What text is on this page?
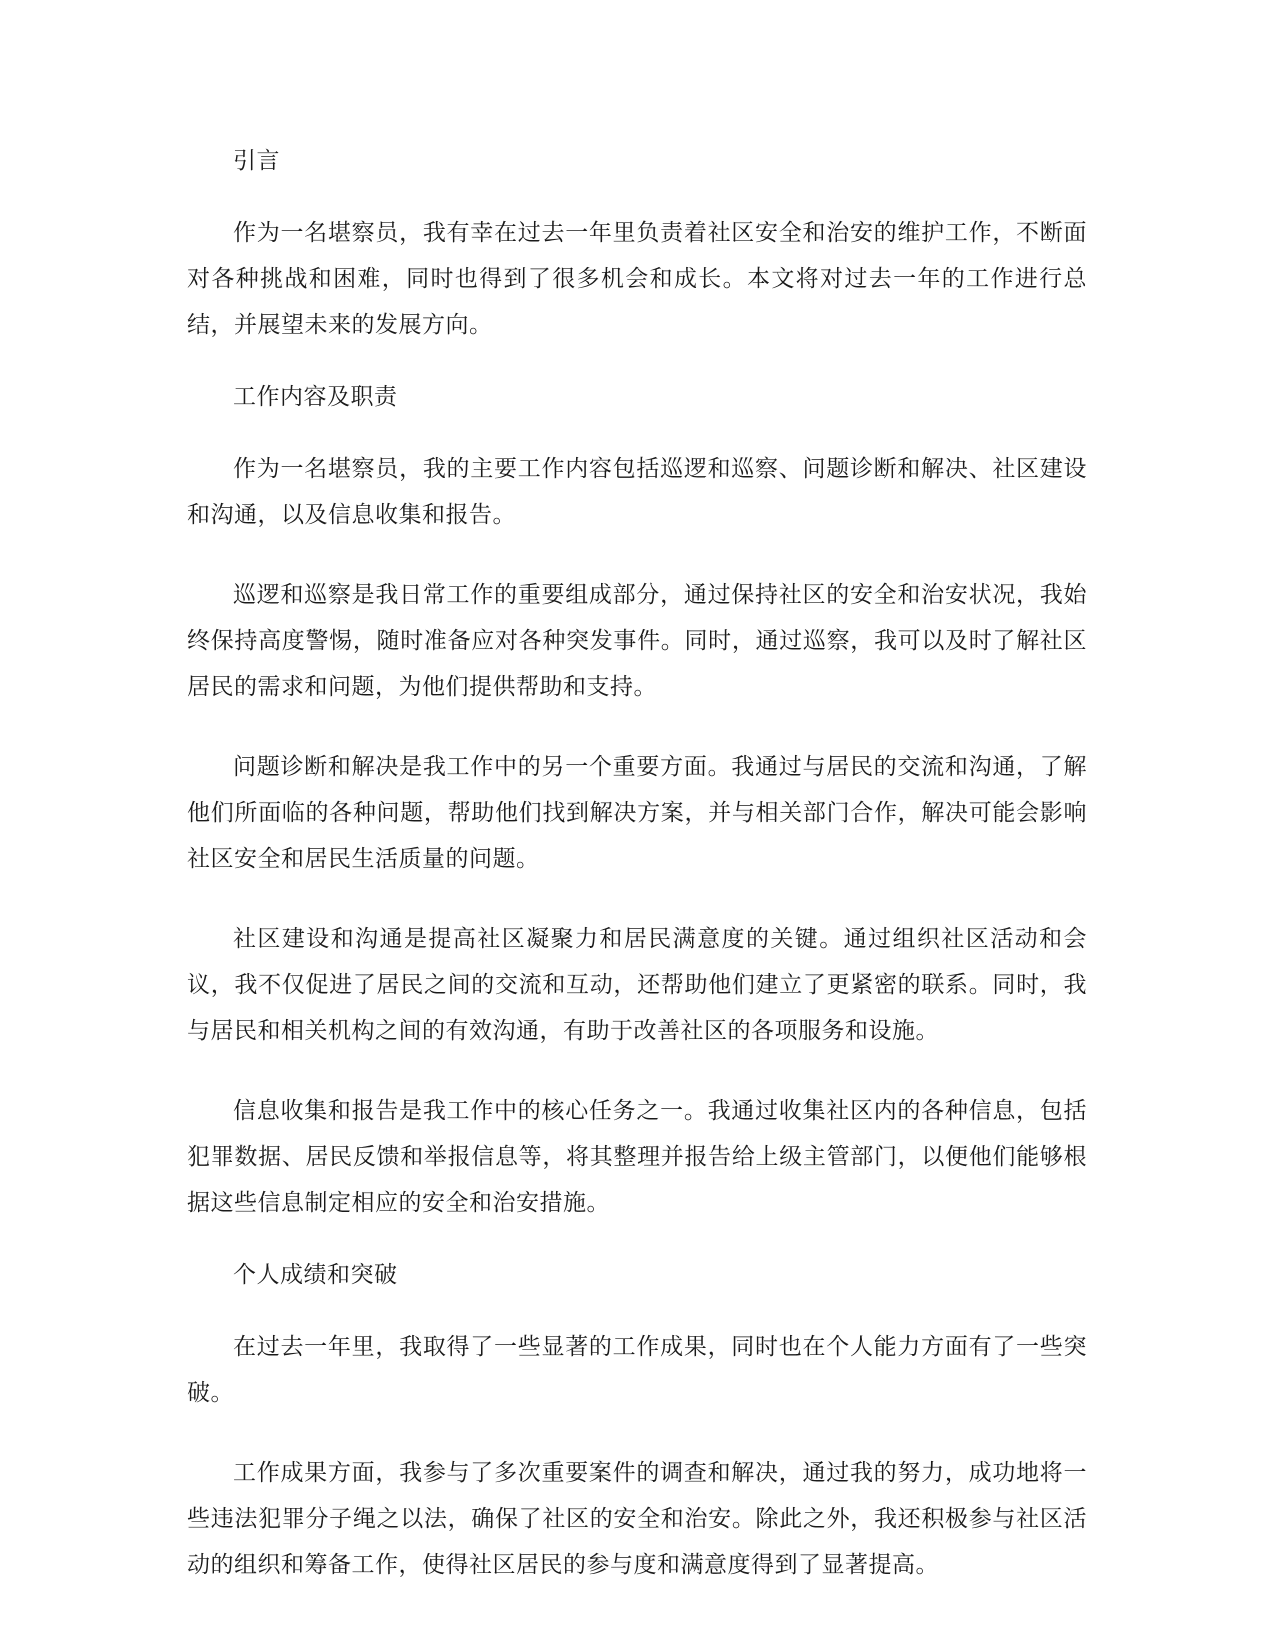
引言

作为一名堪察员，我有幸在过去一年里负责着社区安全和治安的维护工作，不断面对各种挑战和困难，同时也得到了很多机会和成长。本文将对过去一年的工作进行总结，并展望未来的发展方向。

工作内容及职责

作为一名堪察员，我的主要工作内容包括巡逻和巡察、问题诊断和解决、社区建设和沟通，以及信息收集和报告。

巡逻和巡察是我日常工作的重要组成部分，通过保持社区的安全和治安状况，我始终保持高度警惕，随时准备应对各种突发事件。同时，通过巡察，我可以及时了解社区居民的需求和问题，为他们提供帮助和支持。

问题诊断和解决是我工作中的另一个重要方面。我通过与居民的交流和沟通，了解他们所面临的各种问题，帮助他们找到解决方案，并与相关部门合作，解决可能会影响社区安全和居民生活质量的问题。

社区建设和沟通是提高社区凝聚力和居民满意度的关键。通过组织社区活动和会议，我不仅促进了居民之间的交流和互动，还帮助他们建立了更紧密的联系。同时，我与居民和相关机构之间的有效沟通，有助于改善社区的各项服务和设施。

信息收集和报告是我工作中的核心任务之一。我通过收集社区内的各种信息，包括犯罪数据、居民反馈和举报信息等，将其整理并报告给上级主管部门，以便他们能够根据这些信息制定相应的安全和治安措施。

个人成绩和突破

在过去一年里，我取得了一些显著的工作成果，同时也在个人能力方面有了一些突破。

工作成果方面，我参与了多次重要案件的调查和解决，通过我的努力，成功地将一些违法犯罪分子绳之以法，确保了社区的安全和治安。除此之外，我还积极参与社区活动的组织和筹备工作，使得社区居民的参与度和满意度得到了显著提高。
